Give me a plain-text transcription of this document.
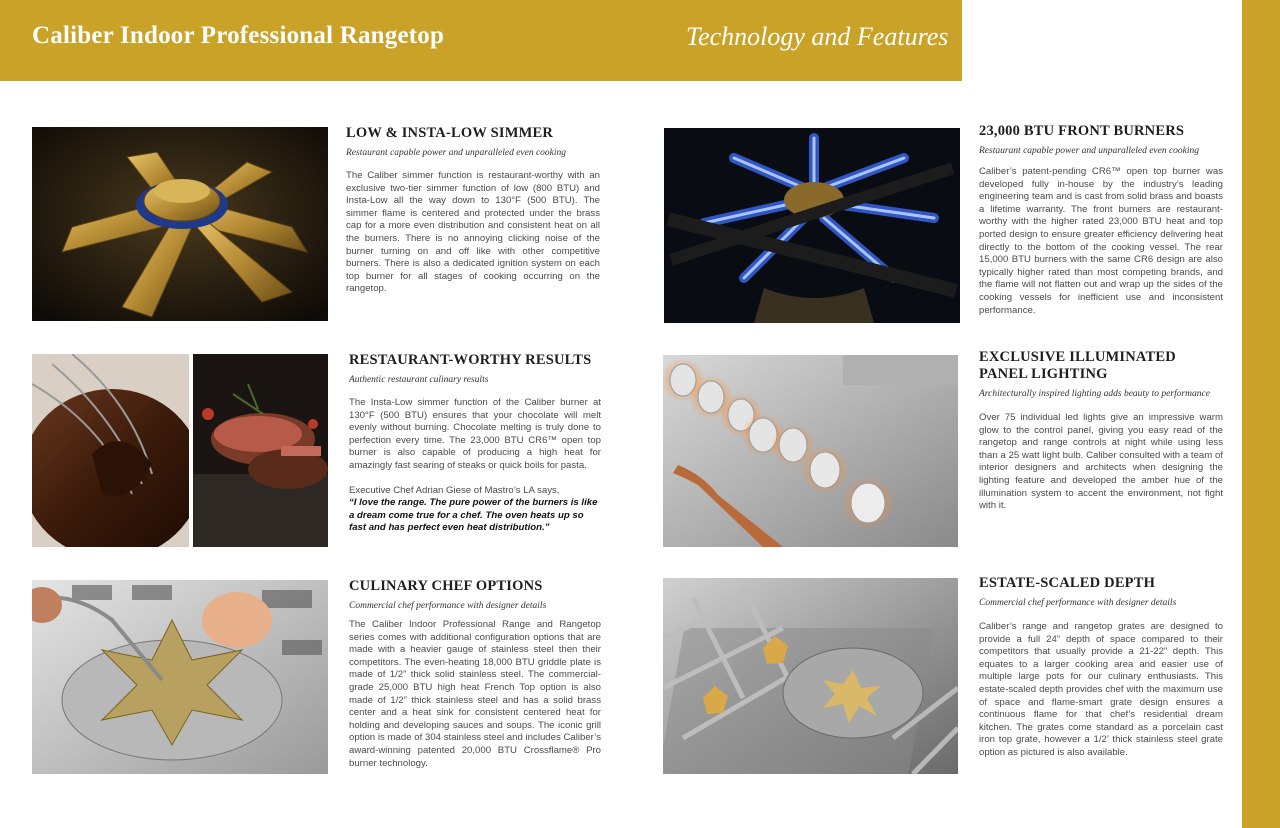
Caliber Indoor Professional Rangetop	Technology and Features
LOW & INSTA-LOW SIMMER
Restaurant capable power and unparalleled even cooking
The Caliber simmer function is restaurant-worthy with an exclusive two-tier simmer function of low (800 BTU) and Insta-Low all the way down to 130°F (500 BTU). The simmer flame is centered and protected under the brass cap for a more even distribution and consistent heat on all the burners. There is no annoying clicking noise of the burner turning on and off like with other competitive burners. There is also a dedicated ignition system on each top burner for all stages of cooking occurring on the rangetop.
RESTAURANT-WORTHY RESULTS
Authentic restaurant culinary results
The Insta-Low simmer function of the Caliber burner at 130°F (500 BTU) ensures that your chocolate will melt evenly without burning. Chocolate melting is truly done to perfection every time. The 23,000 BTU CR6™ open top burner is also capable of producing a high heat for amazingly fast searing of steaks or quick boils for pasta.
Executive Chef Adrian Giese of Mastro’s LA says,
“I love the range. The pure power of the burners is like a dream come true for a chef. The oven heats up so fast and has perfect even heat distribution.”
CULINARY CHEF OPTIONS
Commercial chef performance with designer details
The Caliber Indoor Professional Range and Rangetop series comes with additional configuration options that are made with a heavier gauge of stainless steel then their competitors. The even-heating 18,000 BTU griddle plate is made of 1/2” thick solid stainless steel. The commercial-grade 25,000 BTU high heat French Top option is also made of 1/2” thick stainless steel and has a solid brass center and a heat sink for consistent centered heat for holding and developing sauces and soups. The iconic grill option is made of 304 stainless steel and includes Caliber’s award-winning patented 20,000 BTU Crossflame® Pro burner technology.
23,000 BTU FRONT BURNERS
Restaurant capable power and unparalleled even cooking
Caliber’s patent-pending CR6™ open top burner was developed fully in-house by the industry’s leading engineering team and is cast from solid brass and boasts a lifetime warranty. The front burners are restaurant-worthy with the higher rated 23,000 BTU heat and top ported design to ensure greater efficiency delivering heat directly to the bottom of the cooking vessel. The rear 15,000 BTU burners with the same CR6 design are also typically higher rated than most competing brands, and the flame will not flatten out and wrap up the sides of the cooking vessels for inefficient use and inconsistent performance.
EXCLUSIVE ILLUMINATED
PANEL LIGHTING
Architecturally inspired lighting adds beauty to performance
Over 75 individual led lights give an impressive warm glow to the control panel, giving you easy read of the rangetop and range controls at night while using less than a 25 watt light bulb. Caliber consulted with a team of interior designers and architects when designing the lighting feature and developed the amber hue of the illumination system to accent the environment, not fight with it.
ESTATE-SCALED DEPTH
Commercial chef performance with designer details
Caliber’s range and rangetop grates are designed to provide a full 24” depth of space compared to their competitors that usually provide a 21-22” depth. This equates to a larger cooking area and easier use of multiple large pots for our culinary enthusiasts. This estate-scaled depth provides chef with the maximum use of space and flame-smart grate design ensures a continuous flame for that chef’s residential dream kitchen. The grates come standard as a porcelain cast iron top grate, however a 1/2’ thick stainless steel grate option as pictured is also available.
